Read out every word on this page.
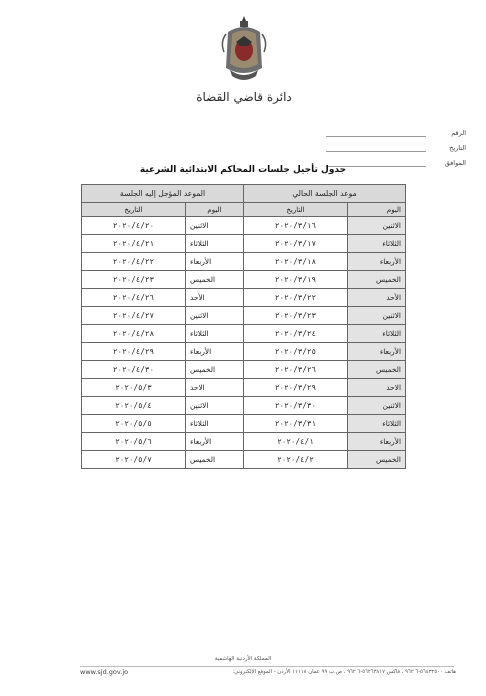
دائرة قاضي القضاة
الرقم
التاريخ
الموافق
جدول تأجيل جلسات المحاكم الابتدائية الشرعية
موعد الجلسة الحالي		الموعد المؤجل إليه الجلسة	
اليوم	التاريخ	اليوم	التاريخ
الاثنين	٢٠٢٠/٣/١٦	الاثنين	٢٠٢٠/٤/٢٠
الثلاثاء	٢٠٢٠/٣/١٧	الثلاثاء	٢٠٢٠/٤/٢١
الأربعاء	٢٠٢٠/٣/١٨	الأربعاء	٢٠٢٠/٤/٢٢
الخميس	٢٠٢٠/٣/١٩	الخميس	٢٠٢٠/٤/٢٣
الأحد	٢٠٢٠/٣/٢٢	الأحد	٢٠٢٠/٤/٢٦
الاثنين	٢٠٢٠/٣/٢٣	الاثنين	٢٠٢٠/٤/٢٧
الثلاثاء	٢٠٢٠/٣/٢٤	الثلاثاء	٢٠٢٠/٤/٢٨
الأربعاء	٢٠٢٠/٣/٢٥	الأربعاء	٢٠٢٠/٤/٢٩
الخميس	٢٠٢٠/٣/٢٦	الخميس	٢٠٢٠/٤/٣٠
الاحد	٢٠٢٠/٣/٢٩	الاحد	٢٠٢٠/٥/٣
الاثنين	٢٠٢٠/٣/٣٠	الاثنين	٢٠٢٠/٥/٤
الثلاثاء	٢٠٢٠/٣/٣١	الثلاثاء	٢٠٢٠/٥/٥
الأربعاء	٢٠٢٠/٤/١	الأربعاء	٢٠٢٠/٥/٦
الخميس	٢٠٢٠/٤/٢	الخميس	٢٠٢٠/٥/٧
المملكة الأردنية الهاشمية
www.sjd.gov.jo	هاتف ٥٦٤٣٢٥٠٠-٦ ٩٦٢ ، فاكس ٥٦٢٦٣٨١٧-٦ ٩٦٢ ، ص.ب ٩٩ عمان ١١١١٨ الأردن - الموقع الإلكتروني:
